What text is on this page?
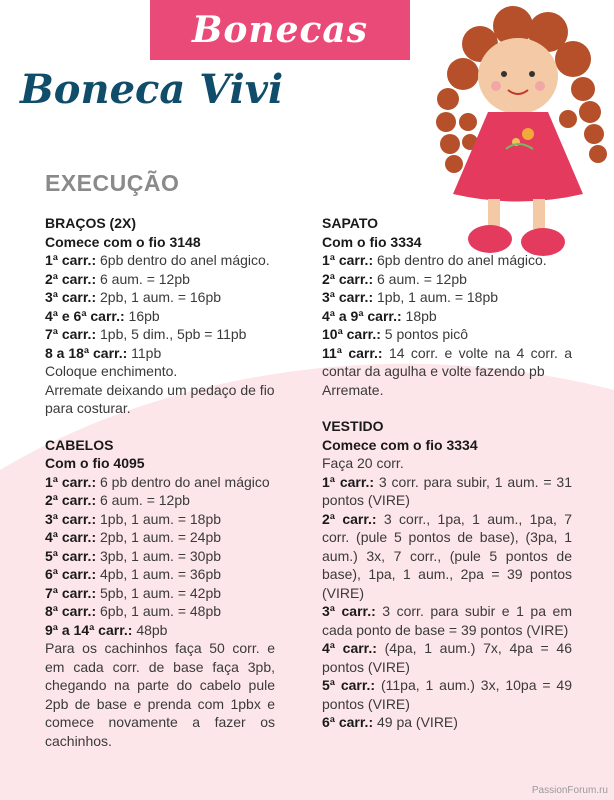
Bonecas
Boneca Vivi
EXECUÇÃO
BRAÇOS (2X)

Comece com o fio 3148

1ª carr.: 6pb dentro do anel mágico.

2ª carr.: 6 aum. = 12pb

3ª carr.: 2pb, 1 aum. = 16pb

4ª e 6ª carr.: 16pb

7ª carr.: 1pb, 5 dim., 5pb = 11pb

8 a 18ª carr.: 11pb

Coloque enchimento.

Arremate deixando um pedaço de fio para costurar.

CABELOS

Com o fio 4095

1ª carr.: 6 pb dentro do anel mágico

2ª carr.: 6 aum. = 12pb

3ª carr.: 1pb, 1 aum. = 18pb

4ª carr.: 2pb, 1 aum. = 24pb

5ª carr.: 3pb, 1 aum. = 30pb

6ª carr.: 4pb, 1 aum. = 36pb

7ª carr.: 5pb, 1 aum. = 42pb

8ª carr.: 6pb, 1 aum. = 48pb

9ª a 14ª carr.: 48pb

Para os cachinhos faça 50 corr. e em cada corr. de base faça 3pb, chegando na parte do cabelo pule 2pb de base e prenda com 1pbx e comece novamente a fazer os cachinhos.

SAPATO

Com o fio 3334

1ª carr.: 6pb dentro do anel mágico.

2ª carr.: 6 aum. = 12pb

3ª carr.: 1pb, 1 aum. = 18pb

4ª a 9ª carr.: 18pb

10ª carr.: 5 pontos picô

11ª carr.: 14 corr. e volte na 4 corr. a contar da agulha e volte fazendo pb

Arremate.

VESTIDO

Comece com o fio 3334

Faça 20 corr.

1ª carr.: 3 corr. para subir, 1 aum. = 31 pontos (VIRE)

2ª carr.: 3 corr., 1pa, 1 aum., 1pa, 7 corr. (pule 5 pontos de base), (3pa, 1 aum.) 3x, 7 corr., (pule 5 pontos de base), 1pa, 1 aum., 2pa = 39 pontos (VIRE)

3ª carr.: 3 corr. para subir e 1 pa em cada ponto de base = 39 pontos (VIRE)

4ª carr.: (4pa, 1 aum.) 7x, 4pa = 46 pontos (VIRE)

5ª carr.: (11pa, 1 aum.) 3x, 10pa = 49 pontos (VIRE)

6ª carr.: 49 pa (VIRE)

PassionForum.ru
